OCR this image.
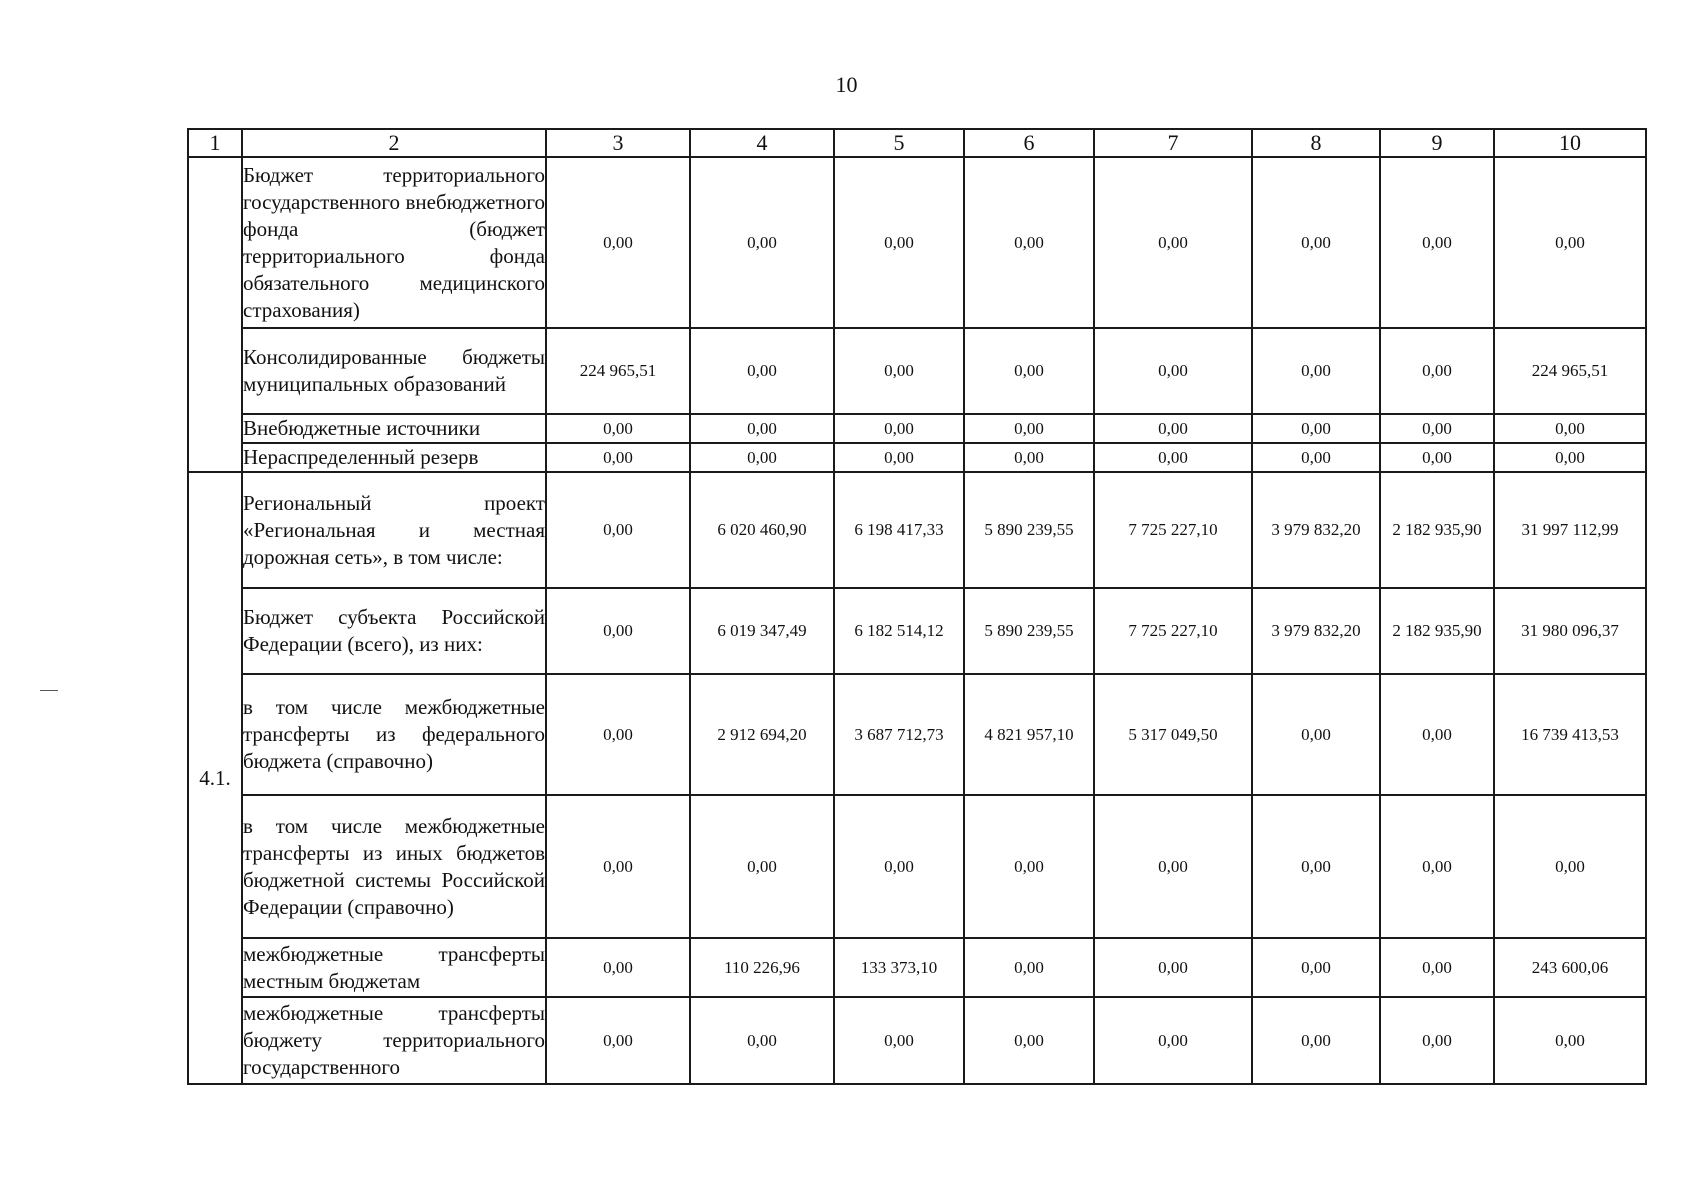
10
1	2	3	4	5	6	7	8	9	10
	Бюджет территориального государственного внебюджетного фонда (бюджет территориального фонда обязательного медицинского страхования)	0,00	0,00	0,00	0,00	0,00	0,00	0,00	0,00
	Консолидированные бюджеты муниципальных образований	224 965,51	0,00	0,00	0,00	0,00	0,00	0,00	224 965,51
	Внебюджетные источники	0,00	0,00	0,00	0,00	0,00	0,00	0,00	0,00
	Нераспределенный резерв	0,00	0,00	0,00	0,00	0,00	0,00	0,00	0,00
4.1.	Региональный проект «Региональная и местная дорожная сеть», в том числе:	0,00	6 020 460,90	6 198 417,33	5 890 239,55	7 725 227,10	3 979 832,20	2 182 935,90	31 997 112,99
	Бюджет субъекта Российской Федерации (всего), из них:	0,00	6 019 347,49	6 182 514,12	5 890 239,55	7 725 227,10	3 979 832,20	2 182 935,90	31 980 096,37
	в том числе межбюджетные трансферты из федерального бюджета (справочно)	0,00	2 912 694,20	3 687 712,73	4 821 957,10	5 317 049,50	0,00	0,00	16 739 413,53
	в том числе межбюджетные трансферты из иных бюджетов бюджетной системы Российской Федерации (справочно)	0,00	0,00	0,00	0,00	0,00	0,00	0,00	0,00
	межбюджетные трансферты местным бюджетам	0,00	110 226,96	133 373,10	0,00	0,00	0,00	0,00	243 600,06
	межбюджетные трансферты бюджету территориального государственного	0,00	0,00	0,00	0,00	0,00	0,00	0,00	0,00
